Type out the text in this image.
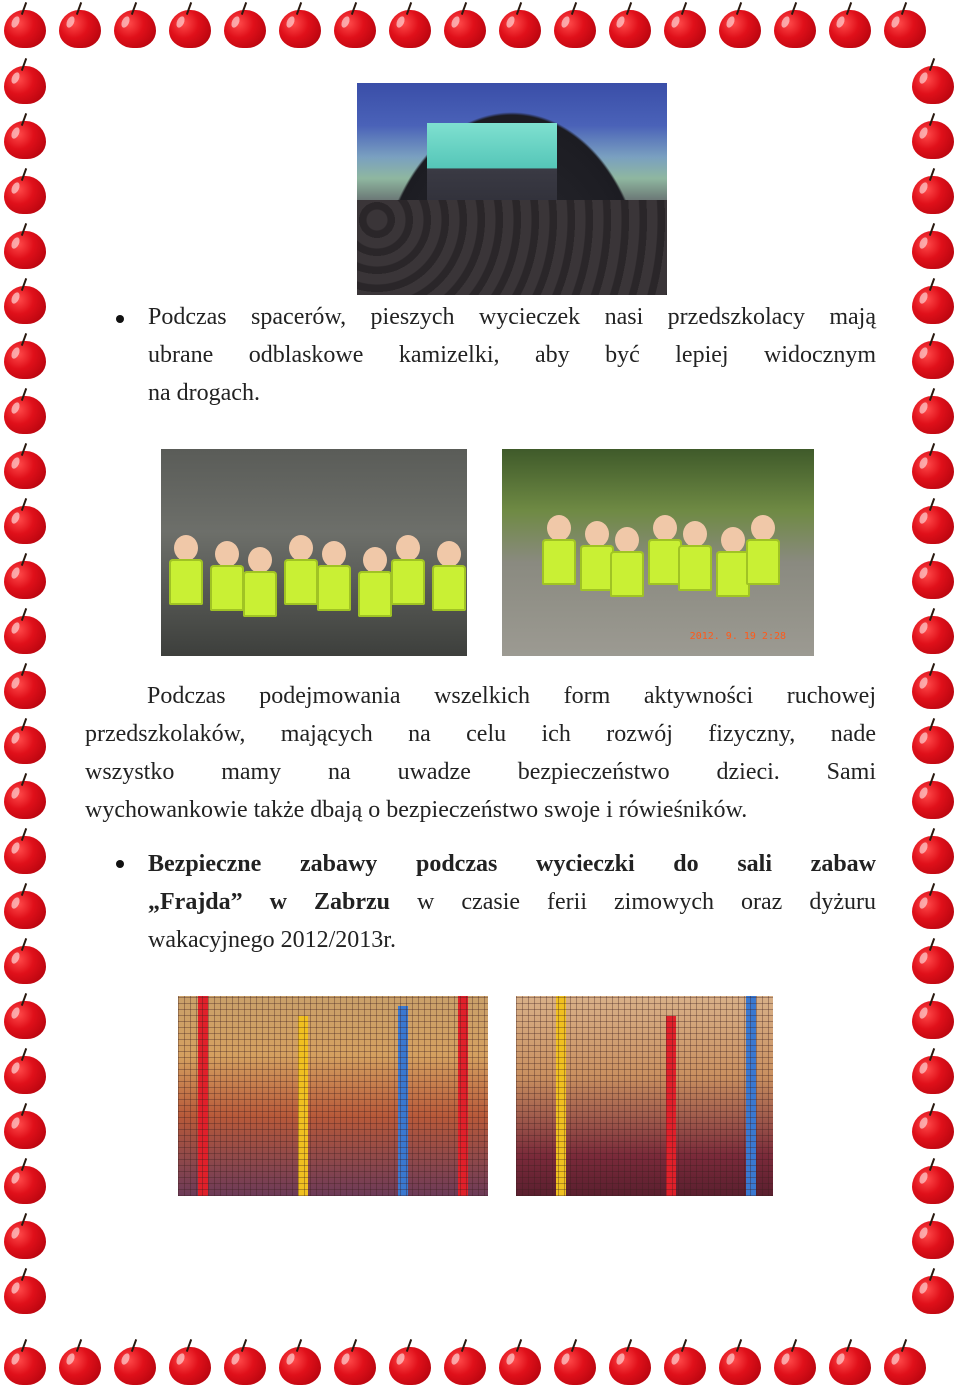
Podczas spacerów, pieszych wycieczek nasi przedszkolacy mają
ubrane odblaskowe kamizelki, aby być lepiej widocznym
na drogach.
2012. 9. 19 2:28
Podczas podejmowania wszelkich form aktywności ruchowej
przedszkolaków, mających na celu ich rozwój fizyczny, nade
wszystko mamy na uwadze bezpieczeństwo dzieci. Sami
wychowankowie także dbają o bezpieczeństwo swoje i rówieśników.
Bezpieczne zabawy podczas wycieczki do sali zabaw
„Frajda” w Zabrzu w czasie ferii zimowych oraz dyżuru
wakacyjnego 2012/2013r.
